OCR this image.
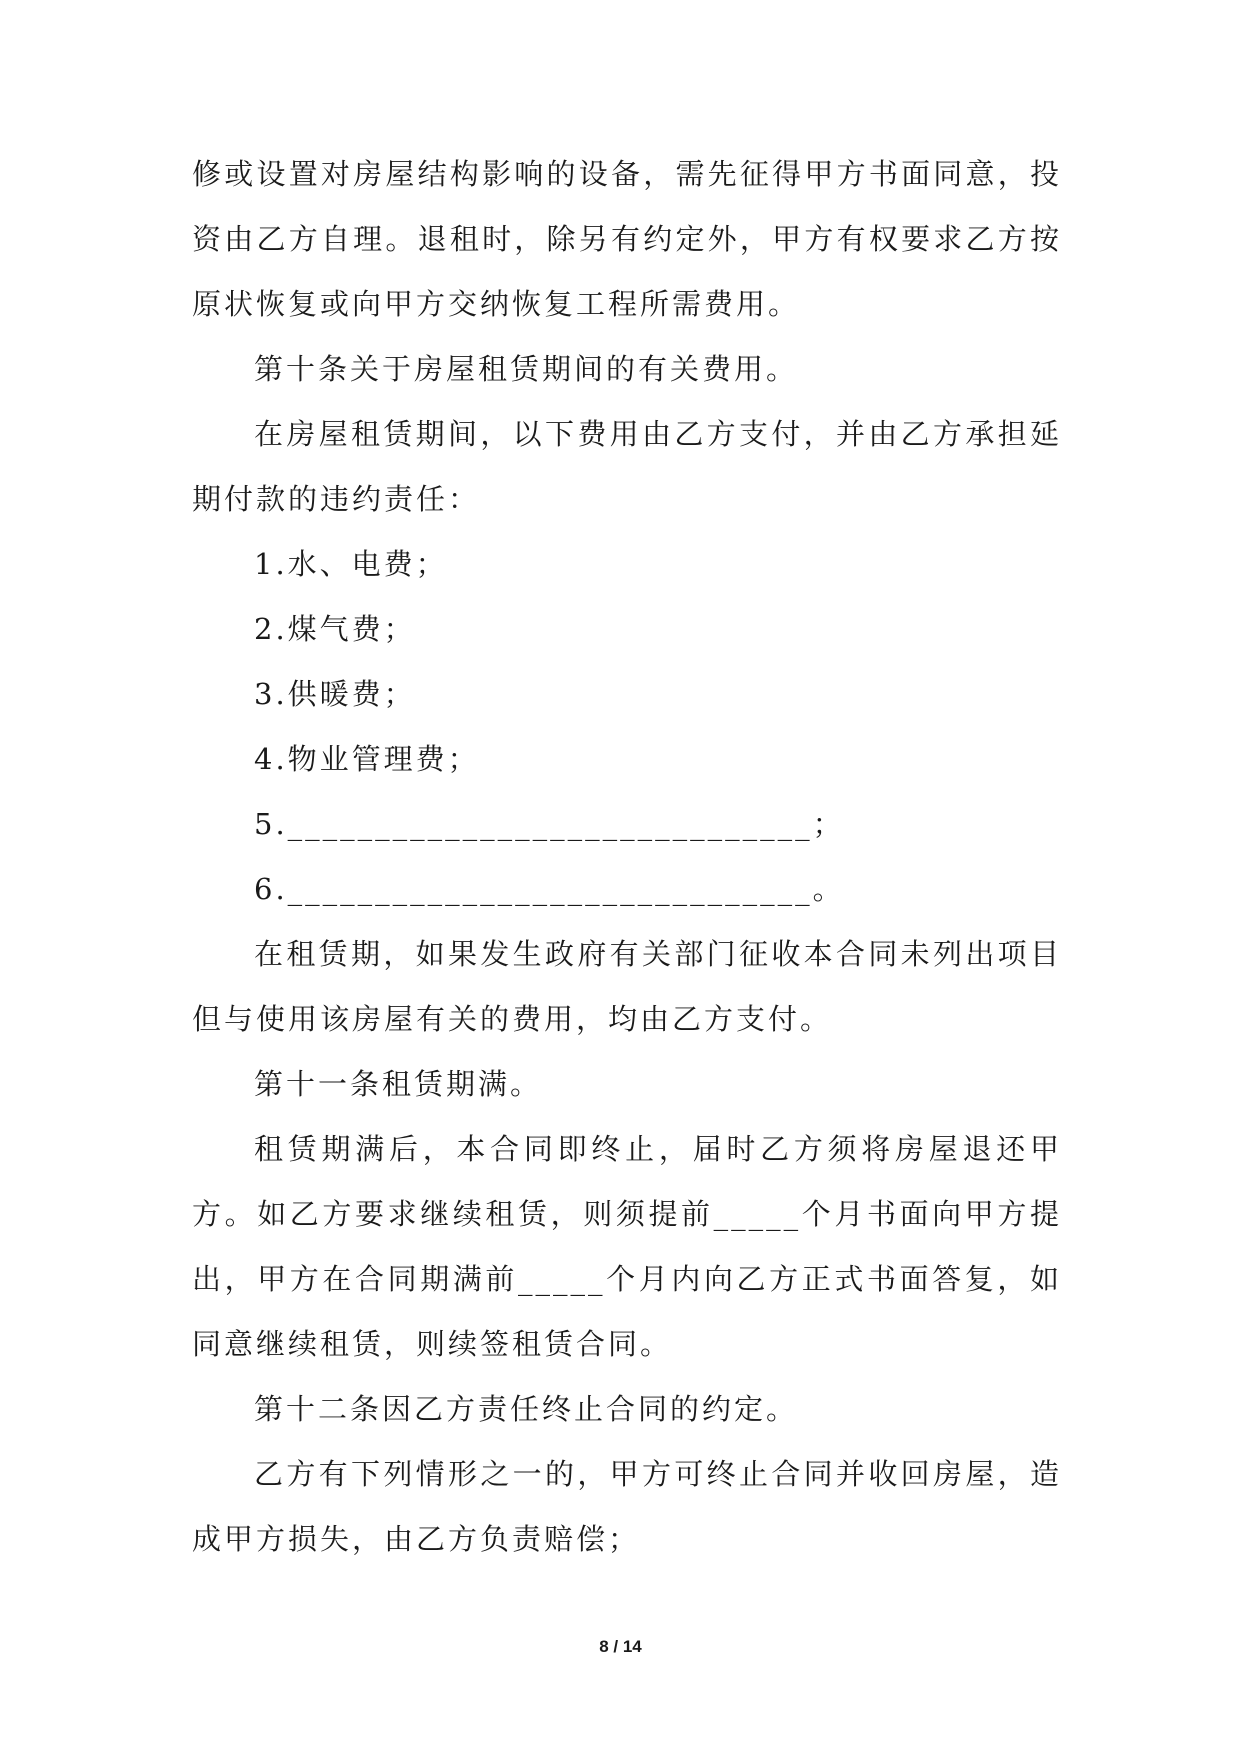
修或设置对房屋结构影响的设备，需先征得甲方书面同意，投资由乙方自理。退租时，除另有约定外，甲方有权要求乙方按原状恢复或向甲方交纳恢复工程所需费用。

第十条关于房屋租赁期间的有关费用。

在房屋租赁期间，以下费用由乙方支付，并由乙方承担延期付款的违约责任：

1.水、电费；

2.煤气费；

3.供暖费；

4.物业管理费；

5.______________________________；

6.______________________________。

在租赁期，如果发生政府有关部门征收本合同未列出项目但与使用该房屋有关的费用，均由乙方支付。

第十一条租赁期满。

租赁期满后，本合同即终止，届时乙方须将房屋退还甲方。如乙方要求继续租赁，则须提前_____个月书面向甲方提出，甲方在合同期满前_____个月内向乙方正式书面答复，如同意继续租赁，则续签租赁合同。

第十二条因乙方责任终止合同的约定。

乙方有下列情形之一的，甲方可终止合同并收回房屋，造成甲方损失，由乙方负责赔偿；

8 / 14
